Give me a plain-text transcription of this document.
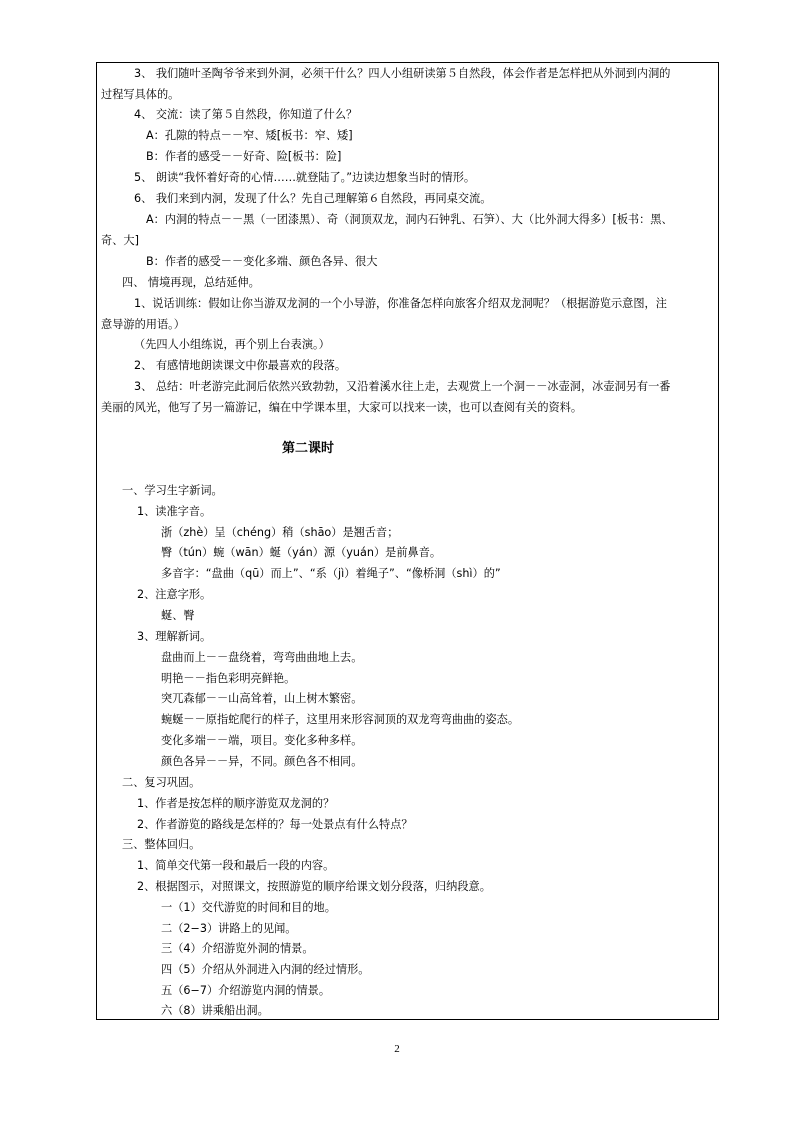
3、 我们随叶圣陶爷爷来到外洞，必须干什么？四人小组研读第５自然段，体会作者是怎样把从外洞到内洞的
过程写具体的。
4、 交流：读了第５自然段，你知道了什么？
A：孔隙的特点－－窄、矮[板书：窄、矮]
B：作者的感受－－好奇、险[板书：险]
5、 朗读“我怀着好奇的心情……就登陆了。”边读边想象当时的情形。
6、 我们来到内洞，发现了什么？先自己理解第６自然段，再同桌交流。
A：内洞的特点－－黑（一团漆黑）、奇（洞顶双龙，洞内石钟乳、石笋）、大（比外洞大得多）[板书：黑、
奇、大]
B：作者的感受－－变化多端、颜色各异、很大
四、 情境再现，总结延伸。
1、说话训练：假如让你当游双龙洞的一个小导游，你准备怎样向旅客介绍双龙洞呢？（根据游览示意图，注
意导游的用语。）
（先四人小组练说，再个别上台表演。）
2、 有感情地朗读课文中你最喜欢的段落。
3、 总结：叶老游完此洞后依然兴致勃勃，又沿着溪水往上走，去观赏上一个洞－－冰壶洞，冰壶洞另有一番
美丽的风光，他写了另一篇游记，编在中学课本里，大家可以找来一读，也可以查阅有关的资料。
第二课时
一、学习生字新词。
1、读准字音。
浙（zhè）呈（chéng）稍（shāo）是翘舌音；
臀（tún）蜿（wān）蜒（yán）源（yuán）是前鼻音。
多音字：“盘曲（qū）而上”、“系（jì）着绳子”、“像桥洞（shì）的”
2、注意字形。
蜒、臀
3、理解新词。
盘曲而上－－盘绕着，弯弯曲曲地上去。
明艳－－指色彩明亮鲜艳。
突兀森郁－－山高耸着，山上树木繁密。
蜿蜒－－原指蛇爬行的样子，这里用来形容洞顶的双龙弯弯曲曲的姿态。
变化多端－－端，项目。变化多种多样。
颜色各异－－异，不同。颜色各不相同。
二、复习巩固。
1、作者是按怎样的顺序游览双龙洞的？
2、作者游览的路线是怎样的？每一处景点有什么特点？
三、整体回归。
1、简单交代第一段和最后一段的内容。
2、根据图示，对照课文，按照游览的顺序给课文划分段落，归纳段意。
一（1）交代游览的时间和目的地。
二（2−3）讲路上的见闻。
三（4）介绍游览外洞的情景。
四（5）介绍从外洞进入内洞的经过情形。
五（6−7）介绍游览内洞的情景。
六（8）讲乘船出洞。
2
